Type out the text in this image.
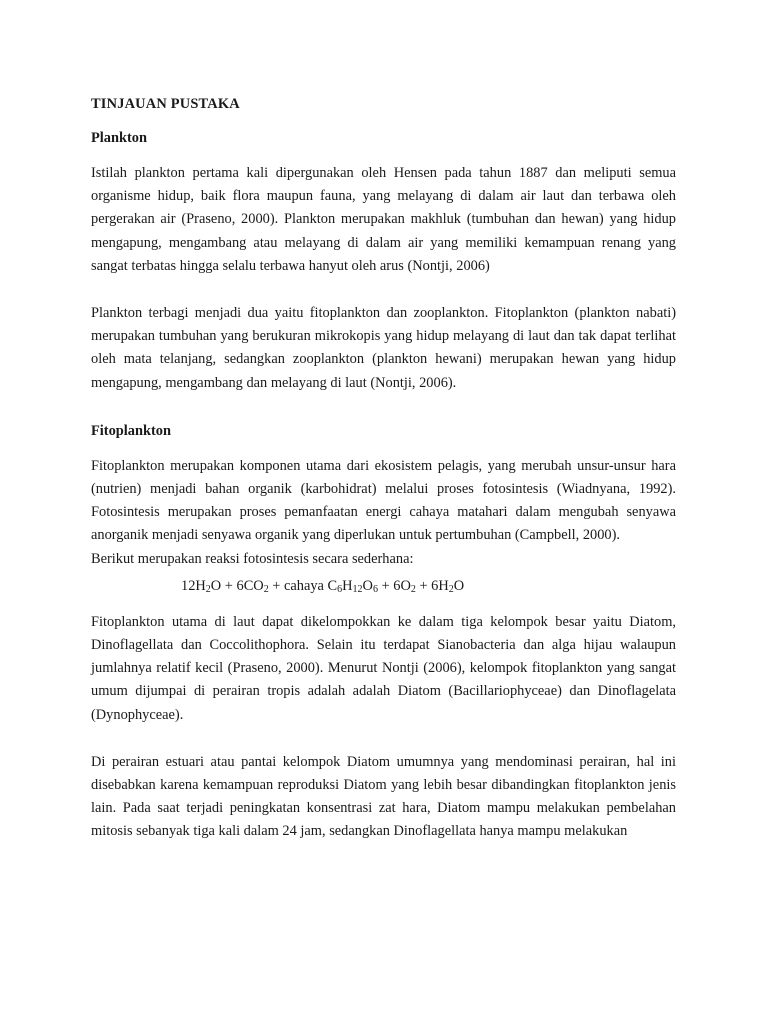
TINJAUAN PUSTAKA
Plankton

Istilah plankton pertama kali dipergunakan oleh Hensen pada tahun 1887 dan meliputi semua organisme hidup, baik flora maupun fauna, yang melayang di dalam air laut dan terbawa oleh pergerakan air (Praseno, 2000). Plankton merupakan makhluk (tumbuhan dan hewan) yang hidup mengapung, mengambang atau melayang di dalam air yang memiliki kemampuan renang yang sangat terbatas hingga selalu terbawa hanyut oleh arus (Nontji, 2006)

Plankton terbagi menjadi dua yaitu fitoplankton dan zooplankton. Fitoplankton (plankton nabati) merupakan tumbuhan yang berukuran mikrokopis yang hidup melayang di laut dan tak dapat terlihat oleh mata telanjang, sedangkan zooplankton (plankton hewani) merupakan hewan yang hidup mengapung, mengambang dan melayang di laut (Nontji, 2006).

Fitoplankton

Fitoplankton merupakan komponen utama dari ekosistem pelagis, yang merubah unsur-unsur hara (nutrien) menjadi bahan organik (karbohidrat) melalui proses fotosintesis (Wiadnyana, 1992). Fotosintesis merupakan proses pemanfaatan energi cahaya matahari dalam mengubah senyawa anorganik menjadi senyawa organik yang diperlukan untuk pertumbuhan (Campbell, 2000).

Berikut merupakan reaksi fotosintesis secara sederhana:

$12H_2O + 6CO_2$ + cahaya $C_6H_{12}O_6 + 6O_2 + 6H_2O$

Fitoplankton utama di laut dapat dikelompokkan ke dalam tiga kelompok besar yaitu Diatom, Dinoflagellata dan Coccolithophora. Selain itu terdapat Sianobacteria dan alga hijau walaupun jumlahnya relatif kecil (Praseno, 2000). Menurut Nontji (2006), kelompok fitoplankton yang sangat umum dijumpai di perairan tropis adalah adalah Diatom (Bacillariophyceae) dan Dinoflagelata (Dynophyceae).

Di perairan estuari atau pantai kelompok Diatom umumnya yang mendominasi perairan, hal ini disebabkan karena kemampuan reproduksi Diatom yang lebih besar dibandingkan fitoplankton jenis lain. Pada saat terjadi peningkatan konsentrasi zat hara, Diatom mampu melakukan pembelahan mitosis sebanyak tiga kali dalam 24 jam, sedangkan Dinoflagellata hanya mampu melakukan
